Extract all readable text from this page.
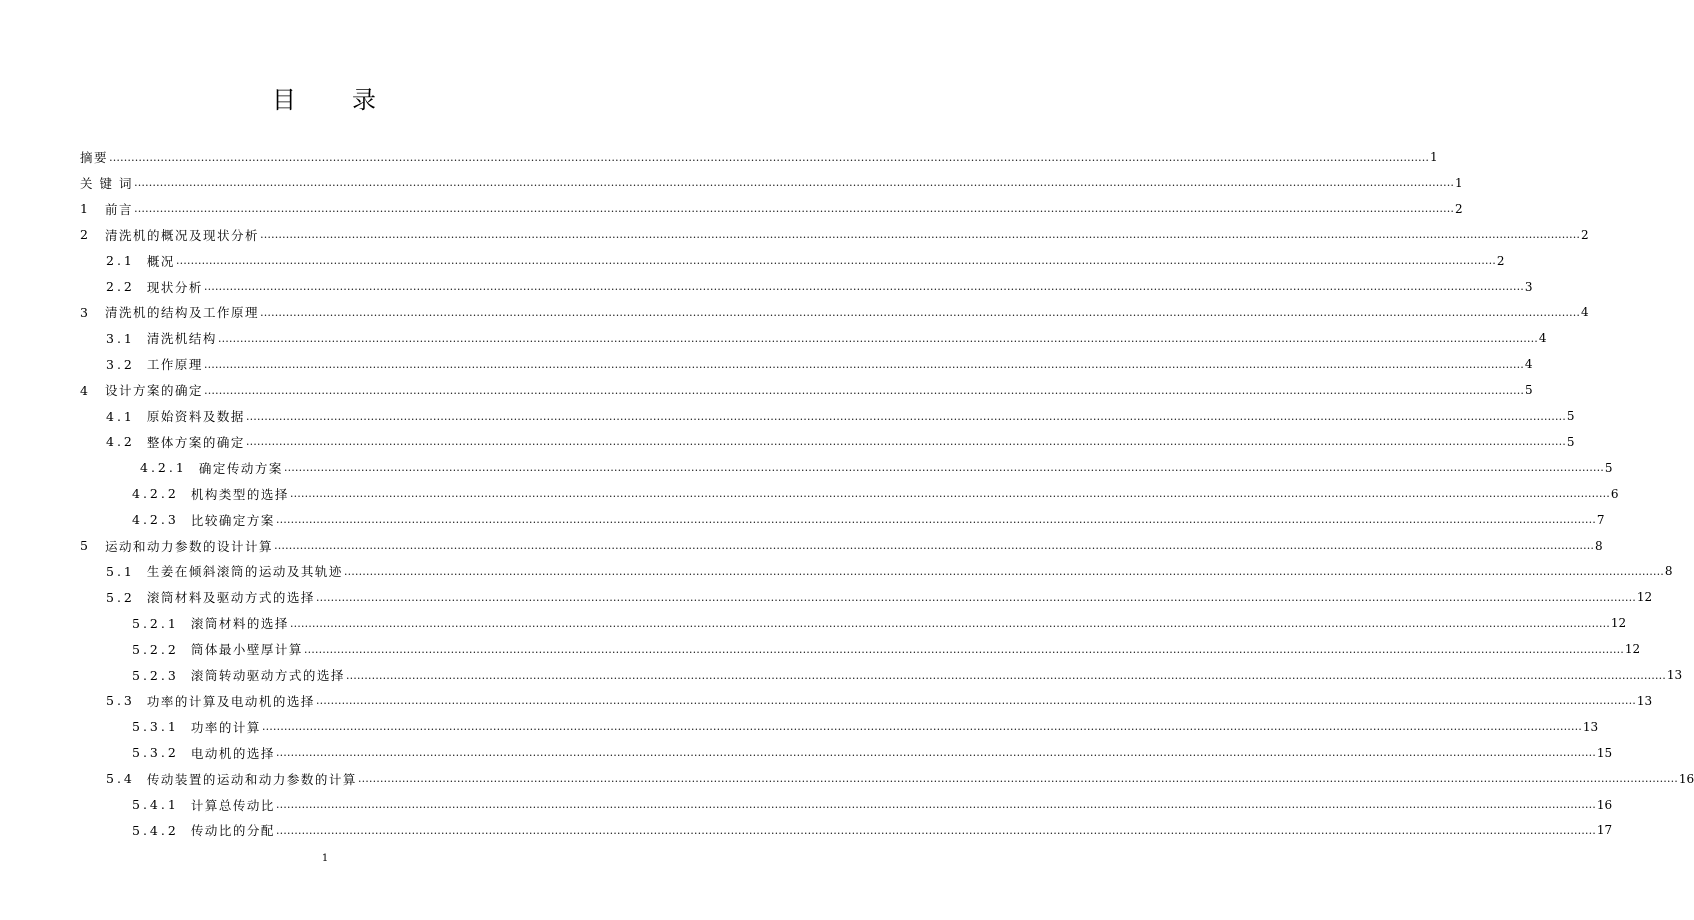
目 录
摘要 ……………………………………………………………………………………………………………………………………………………………………………………………………………………………………………………………………………………………………………………………… 1
关 键 词 ……………………………………………………………………………………………………………………………………………………………………………………………………………………………………………………………………………………………………………………………… 1
1 前言 ……………………………………………………………………………………………………………………………………………………………………………………………………………………………………………………………………………………………………………………………… 2
2 清洗机的概况及现状分析 ……………………………………………………………………………………………………………………………………………………………………………………………………………………………………………………………………………………………………………………………… 2
2.1 概况 ……………………………………………………………………………………………………………………………………………………………………………………………………………………………………………………………………………………………………………………………… 2
2.2 现状分析 ……………………………………………………………………………………………………………………………………………………………………………………………………………………………………………………………………………………………………………………………… 3
3 清洗机的结构及工作原理 ……………………………………………………………………………………………………………………………………………………………………………………………………………………………………………………………………………………………………………………………… 4
3.1 清洗机结构 ……………………………………………………………………………………………………………………………………………………………………………………………………………………………………………………………………………………………………………………………… 4
3.2 工作原理 ……………………………………………………………………………………………………………………………………………………………………………………………………………………………………………………………………………………………………………………………… 4
4 设计方案的确定 ……………………………………………………………………………………………………………………………………………………………………………………………………………………………………………………………………………………………………………………………… 5
4.1 原始资料及数据 ……………………………………………………………………………………………………………………………………………………………………………………………………………………………………………………………………………………………………………………………… 5
4.2 整体方案的确定 ……………………………………………………………………………………………………………………………………………………………………………………………………………………………………………………………………………………………………………………………… 5
4.2.1 确定传动方案 ……………………………………………………………………………………………………………………………………………………………………………………………………………………………………………………………………………………………………………………………… 5
4.2.2 机构类型的选择 ……………………………………………………………………………………………………………………………………………………………………………………………………………………………………………………………………………………………………………………………… 6
4.2.3 比较确定方案 ……………………………………………………………………………………………………………………………………………………………………………………………………………………………………………………………………………………………………………………………… 7
5 运动和动力参数的设计计算 ……………………………………………………………………………………………………………………………………………………………………………………………………………………………………………………………………………………………………………………………… 8
5.1 生姜在倾斜滚筒的运动及其轨迹 ……………………………………………………………………………………………………………………………………………………………………………………………………………………………………………………………………………………………………………………………… 8
5.2 滚筒材料及驱动方式的选择 ……………………………………………………………………………………………………………………………………………………………………………………………………………………………………………………………………………………………………………………………… 12
5.2.1 滚筒材料的选择 ……………………………………………………………………………………………………………………………………………………………………………………………………………………………………………………………………………………………………………………………… 12
5.2.2 筒体最小壁厚计算 ……………………………………………………………………………………………………………………………………………………………………………………………………………………………………………………………………………………………………………………………… 12
5.2.3 滚筒转动驱动方式的选择 ……………………………………………………………………………………………………………………………………………………………………………………………………………………………………………………………………………………………………………………………… 13
5.3 功率的计算及电动机的选择 ……………………………………………………………………………………………………………………………………………………………………………………………………………………………………………………………………………………………………………………………… 13
5.3.1 功率的计算 ……………………………………………………………………………………………………………………………………………………………………………………………………………………………………………………………………………………………………………………………… 13
5.3.2 电动机的选择 ……………………………………………………………………………………………………………………………………………………………………………………………………………………………………………………………………………………………………………………………… 15
5.4 传动装置的运动和动力参数的计算 ……………………………………………………………………………………………………………………………………………………………………………………………………………………………………………………………………………………………………………………………… 16
5.4.1 计算总传动比 ……………………………………………………………………………………………………………………………………………………………………………………………………………………………………………………………………………………………………………………………… 16
5.4.2 传动比的分配 ……………………………………………………………………………………………………………………………………………………………………………………………………………………………………………………………………………………………………………………………… 17
1
